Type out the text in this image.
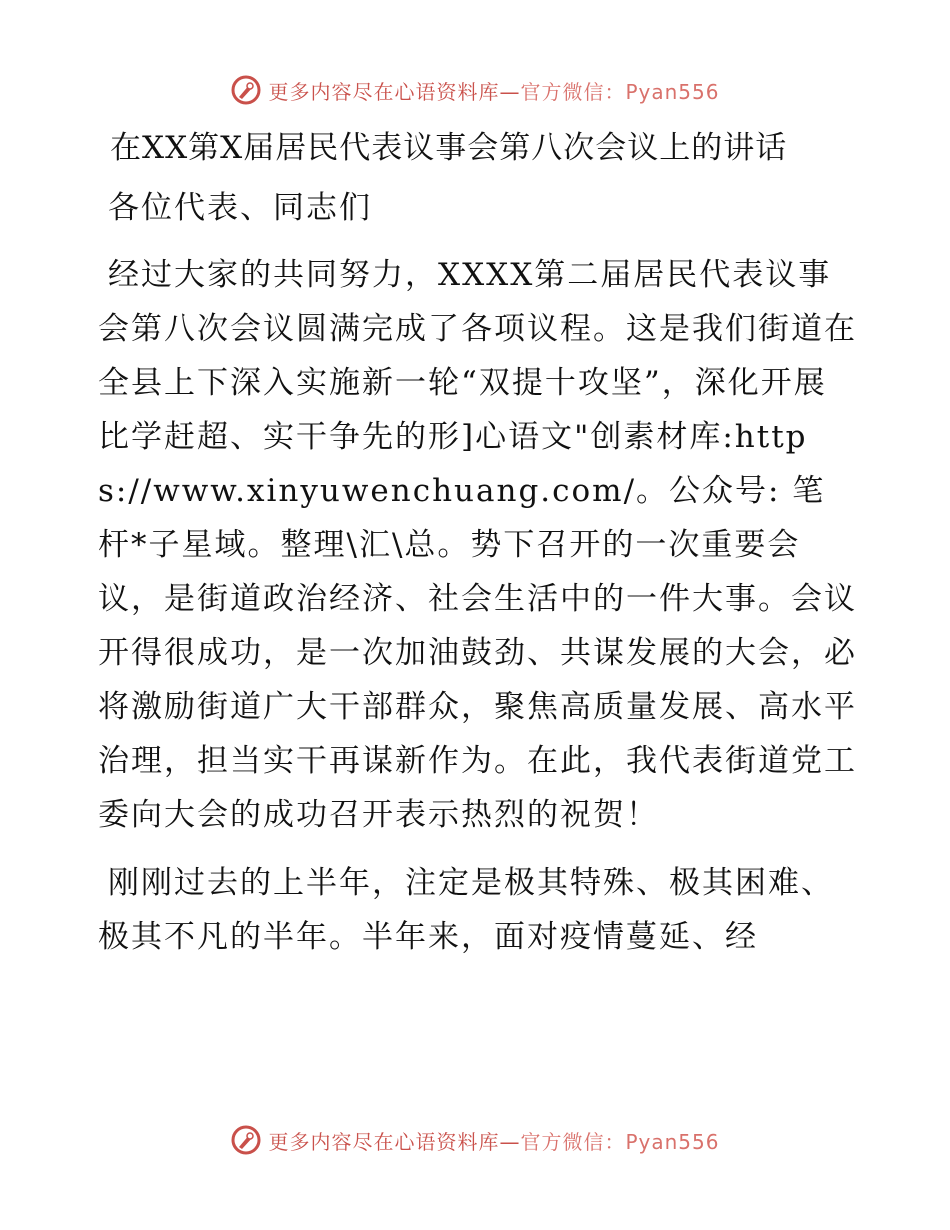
更多内容尽在心语资料库—官方微信：Pyan556
在XX第X届居民代表议事会第八次会议上的讲话
各位代表、同志们

经过大家的共同努力，XXXX第二届居民代表议事会第八次会议圆满完成了各项议程。这是我们街道在全县上下深入实施新一轮“双提十攻坚”，深化开展比学赶超、实干争先的形]心语文"创素材库:https://www.xinyuwenchuang.com/。公众号: 笔杆*子星域。整理\汇\总。势下召开的一次重要会议，是街道政治经济、社会生活中的一件大事。会议开得很成功，是一次加油鼓劲、共谋发展的大会，必将激励街道广大干部群众，聚焦高质量发展、高水平治理，担当实干再谋新作为。在此，我代表街道党工委向大会的成功召开表示热烈的祝贺！

刚刚过去的上半年，注定是极其特殊、极其困难、极其不凡的半年。半年来，面对疫情蔓延、经

更多内容尽在心语资料库—官方微信：Pyan556
